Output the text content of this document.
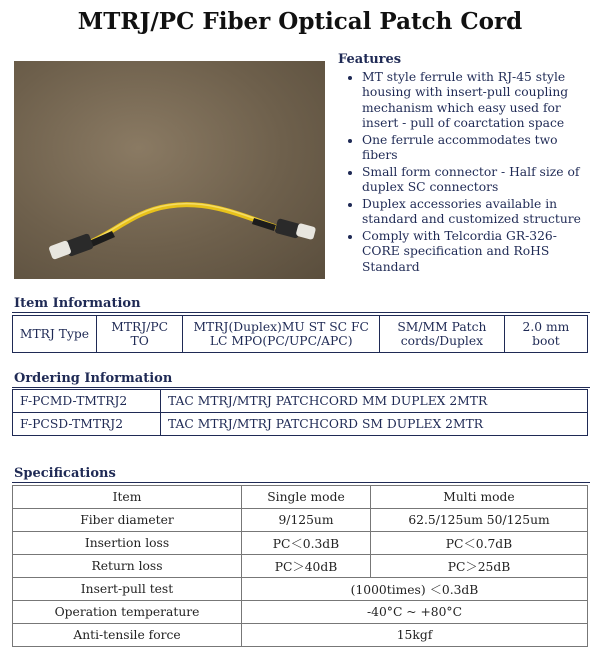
MTRJ/PC Fiber Optical Patch Cord
Features
• MT style ferrule with RJ-45 style housing with insert-pull coupling mechanism which easy used for insert - pull of coarctation space
• One ferrule accommodates two fibers
• Small form connector - Half size of duplex SC connectors
• Duplex accessories available in standard and customized structure
• Comply with Telcordia GR-326-CORE specification and RoHS Standard
Item Information
MTRJ Type	MTRJ/PC TO	MTRJ(Duplex)MU ST SC FC LC MPO(PC/UPC/APC)	SM/MM Patch cords/Duplex	2.0 mm boot
Ordering Information
F-PCMD-TMTRJ2	TAC MTRJ/MTRJ PATCHCORD MM DUPLEX 2MTR
F-PCSD-TMTRJ2	TAC MTRJ/MTRJ PATCHCORD SM DUPLEX 2MTR
Specifications
Item	Single mode	Multi mode
Fiber diameter	9/125um	62.5/125um 50/125um
Insertion loss	PC＜0.3dB	PC＜0.7dB
Return loss	PC＞40dB	PC＞25dB
Insert-pull test	(1000times) ＜0.3dB	
Operation temperature	-40°C ~ +80°C	
Anti-tensile force	15kgf	
